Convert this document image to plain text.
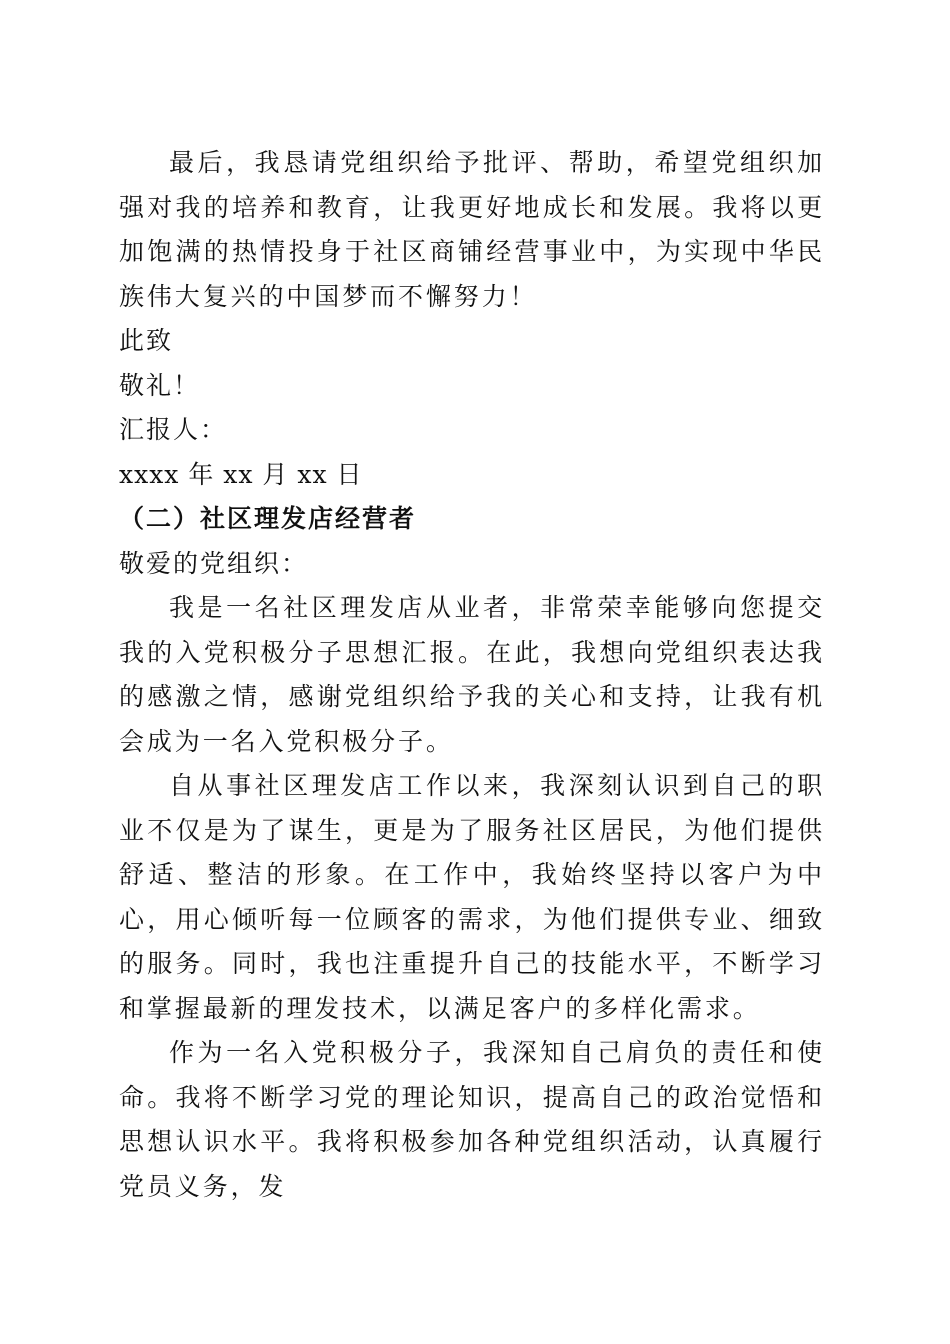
最后，我恳请党组织给予批评、帮助，希望党组织加强对我的培养和教育，让我更好地成长和发展。我将以更加饱满的热情投身于社区商铺经营事业中，为实现中华民族伟大复兴的中国梦而不懈努力！

此致

敬礼！

汇报人：

xxxx 年 xx 月 xx 日

（二）社区理发店经营者

敬爱的党组织：

我是一名社区理发店从业者，非常荣幸能够向您提交我的入党积极分子思想汇报。在此，我想向党组织表达我的感激之情，感谢党组织给予我的关心和支持，让我有机会成为一名入党积极分子。

自从事社区理发店工作以来，我深刻认识到自己的职业不仅是为了谋生，更是为了服务社区居民，为他们提供舒适、整洁的形象。在工作中，我始终坚持以客户为中心，用心倾听每一位顾客的需求，为他们提供专业、细致的服务。同时，我也注重提升自己的技能水平，不断学习和掌握最新的理发技术，以满足客户的多样化需求。

作为一名入党积极分子，我深知自己肩负的责任和使命。我将不断学习党的理论知识，提高自己的政治觉悟和思想认识水平。我将积极参加各种党组织活动，认真履行党员义务，发
